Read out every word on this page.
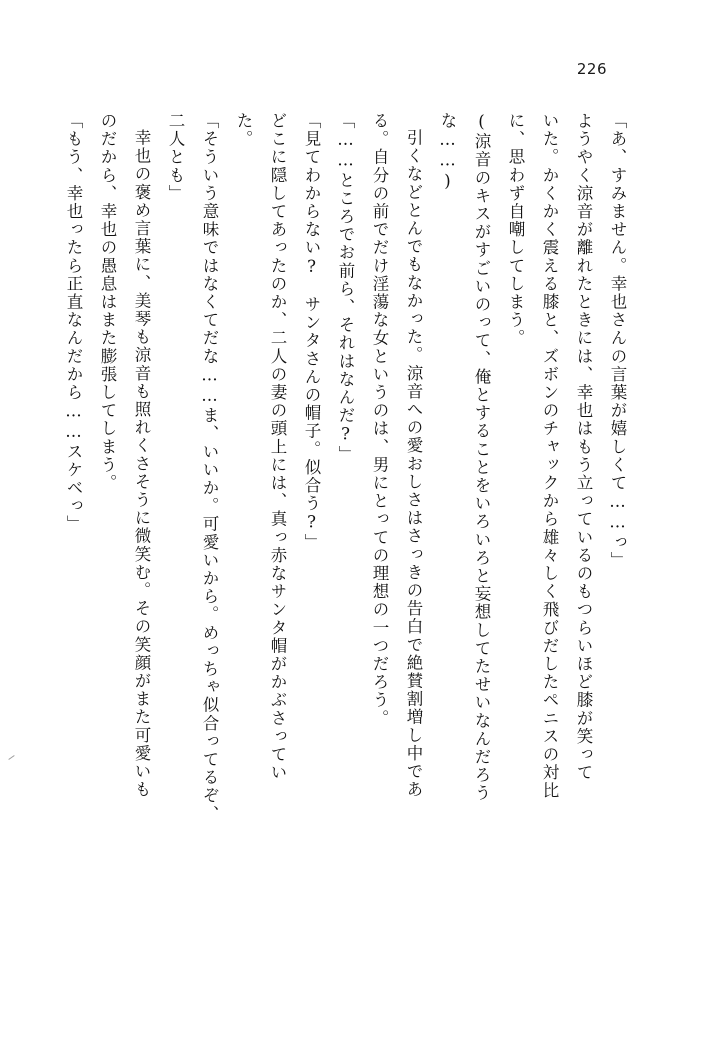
226
「あ、すみません。幸也さんの言葉が嬉しくて……っ」
ようやく涼音が離れたときには、幸也はもう立っているのもつらいほど膝が笑って
いた。かくかく震える膝と、ズボンのチャックから雄々しく飛びだしたペニスの対比
に、思わず自嘲してしまう。
(涼音のキスがすごいのって、俺とすることをいろいろと妄想してたせいなんだろう
な……)
引くなどとんでもなかった。涼音への愛おしさはさっきの告白で絶賛割増し中であ
る。自分の前でだけ淫蕩な女というのは、男にとっての理想の一つだろう。
「……ところでお前ら、それはなんだ?」
「見てわからない?　サンタさんの帽子。似合う?」
どこに隠してあったのか、二人の妻の頭上には、真っ赤なサンタ帽がかぶさってい
た。
「そういう意味ではなくてだな……ま、いいか。可愛いから。めっちゃ似合ってるぞ、
二人とも」
幸也の褒め言葉に、美琴も涼音も照れくさそうに微笑む。その笑顔がまた可愛いも
のだから、幸也の愚息はまた膨張してしまう。
「もう、幸也ったら正直なんだから……スケベっ」
